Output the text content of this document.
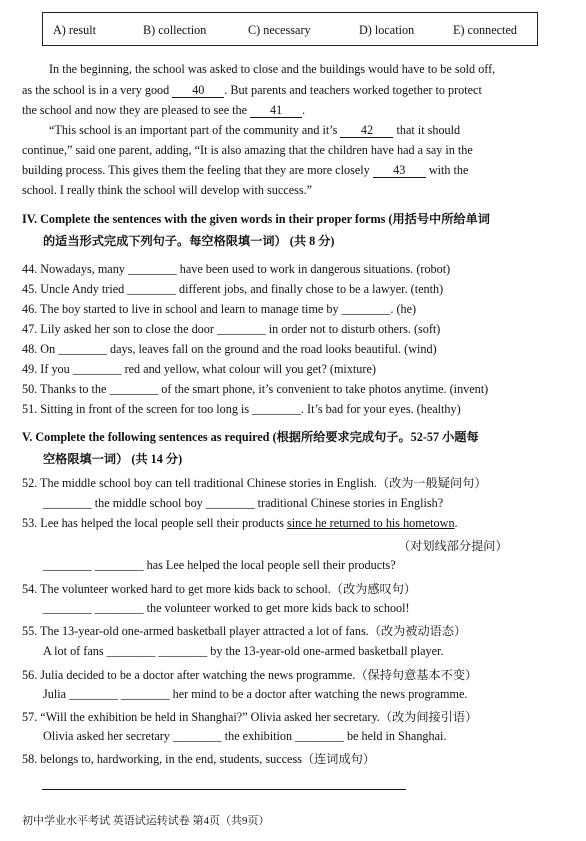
A) result	B) collection	C) necessary	D) location	E) connected
In the beginning, the school was asked to close and the buildings would have to be sold off,
as the school is in a very good 40 . But parents and teachers worked together to protect
the school and now they are pleased to see the 41 .
“This school is an important part of the community and it’s 42 that it should
continue,” said one parent, adding, “It is also amazing that the children have had a say in the
building process. This gives them the feeling that they are more closely 43 with the
school. I really think the school will develop with success.”
IV. Complete the sentences with the given words in their proper forms (用括号中所给单词
的适当形式完成下列句子。每空格限填一词） (共 8 分)
44. Nowadays, many ________ have been used to work in dangerous situations. (robot)
45. Uncle Andy tried ________ different jobs, and finally chose to be a lawyer. (tenth)
46. The boy started to live in school and learn to manage time by ________. (he)
47. Lily asked her son to close the door ________ in order not to disturb others. (soft)
48. On ________ days, leaves fall on the ground and the road looks beautiful. (wind)
49. If you ________ red and yellow, what colour will you get? (mixture)
50. Thanks to the ________ of the smart phone, it’s convenient to take photos anytime. (invent)
51. Sitting in front of the screen for too long is ________. It’s bad for your eyes. (healthy)
V. Complete the following sentences as required (根据所给要求完成句子。52-57 小题每
空格限填一词） (共 14 分)
52. The middle school boy can tell traditional Chinese stories in English.（改为一般疑问句）
________ the middle school boy ________ traditional Chinese stories in English?
53. Lee has helped the local people sell their products since he returned to his hometown.
（对划线部分提问）
________ ________ has Lee helped the local people sell their products?
54. The volunteer worked hard to get more kids back to school.（改为感叹句）
________ ________ the volunteer worked to get more kids back to school!
55. The 13-year-old one-armed basketball player attracted a lot of fans.（改为被动语态）
A lot of fans ________ ________ by the 13-year-old one-armed basketball player.
56. Julia decided to be a doctor after watching the news programme.（保持句意基本不变）
Julia ________ ________ her mind to be a doctor after watching the news programme.
57. “Will the exhibition be held in Shanghai?” Olivia asked her secretary.（改为间接引语）
Olivia asked her secretary ________ the exhibition ________ be held in Shanghai.
58. belongs to, hardworking, in the end, students, success（连词成句）
初中学业水平考试 英语试运转试卷 第4页（共9页）
